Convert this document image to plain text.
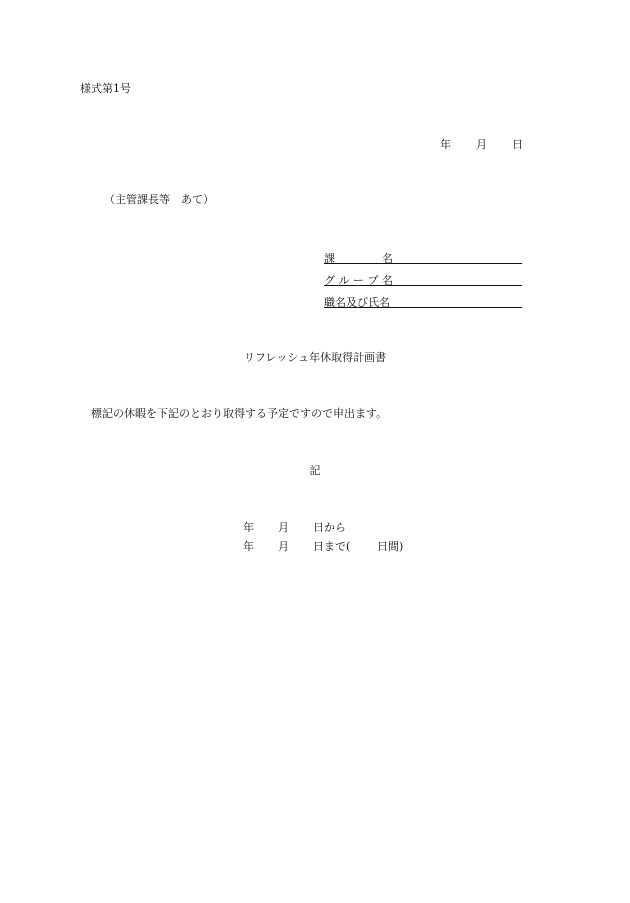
様式第1号
年 月 日
（主管課長等　あて）
課	名
グ ル ー プ 名
職名及び氏名
リフレッシュ年休取得計画書
標記の休暇を下記のとおり取得する予定ですので申出ます。
記
年 月 日から
年 月 日まで( 日間)
